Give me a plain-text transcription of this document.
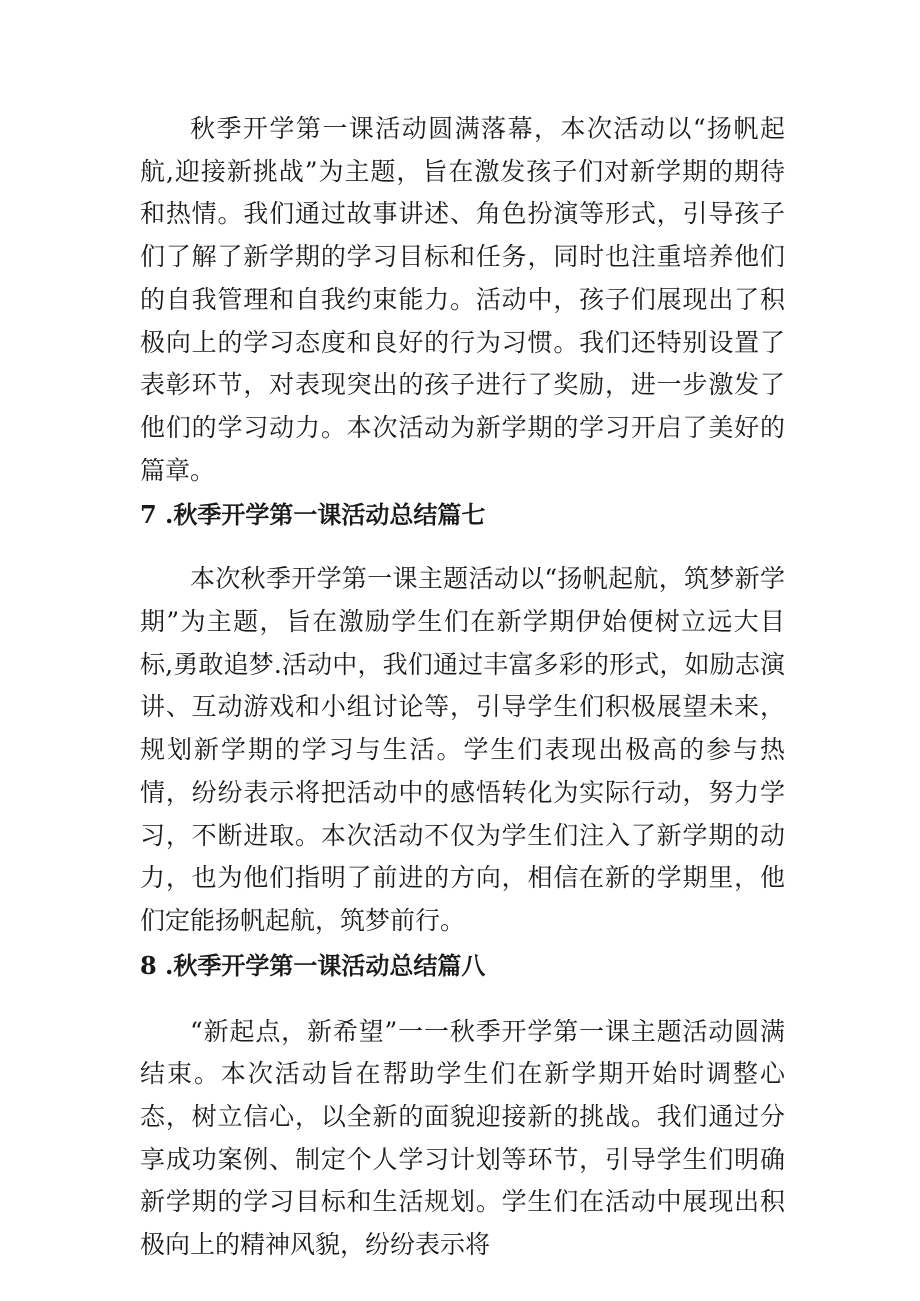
秋季开学第一课活动圆满落幕，本次活动以“扬帆起航,迎接新挑战”为主题，旨在激发孩子们对新学期的期待和热情。我们通过故事讲述、角色扮演等形式，引导孩子们了解了新学期的学习目标和任务，同时也注重培养他们的自我管理和自我约束能力。活动中，孩子们展现出了积极向上的学习态度和良好的行为习惯。我们还特别设置了表彰环节，对表现突出的孩子进行了奖励，进一步激发了他们的学习动力。本次活动为新学期的学习开启了美好的篇章。

7 .秋季开学第一课活动总结篇七

本次秋季开学第一课主题活动以“扬帆起航，筑梦新学期”为主题，旨在激励学生们在新学期伊始便树立远大目标,勇敢追梦.活动中，我们通过丰富多彩的形式，如励志演讲、互动游戏和小组讨论等，引导学生们积极展望未来，规划新学期的学习与生活。学生们表现出极高的参与热情，纷纷表示将把活动中的感悟转化为实际行动，努力学习，不断进取。本次活动不仅为学生们注入了新学期的动力，也为他们指明了前进的方向，相信在新的学期里，他们定能扬帆起航，筑梦前行。

8 .秋季开学第一课活动总结篇八

“新起点，新希望”一一秋季开学第一课主题活动圆满结束。本次活动旨在帮助学生们在新学期开始时调整心态，树立信心，以全新的面貌迎接新的挑战。我们通过分享成功案例、制定个人学习计划等环节，引导学生们明确新学期的学习目标和生活规划。学生们在活动中展现出积极向上的精神风貌，纷纷表示将
